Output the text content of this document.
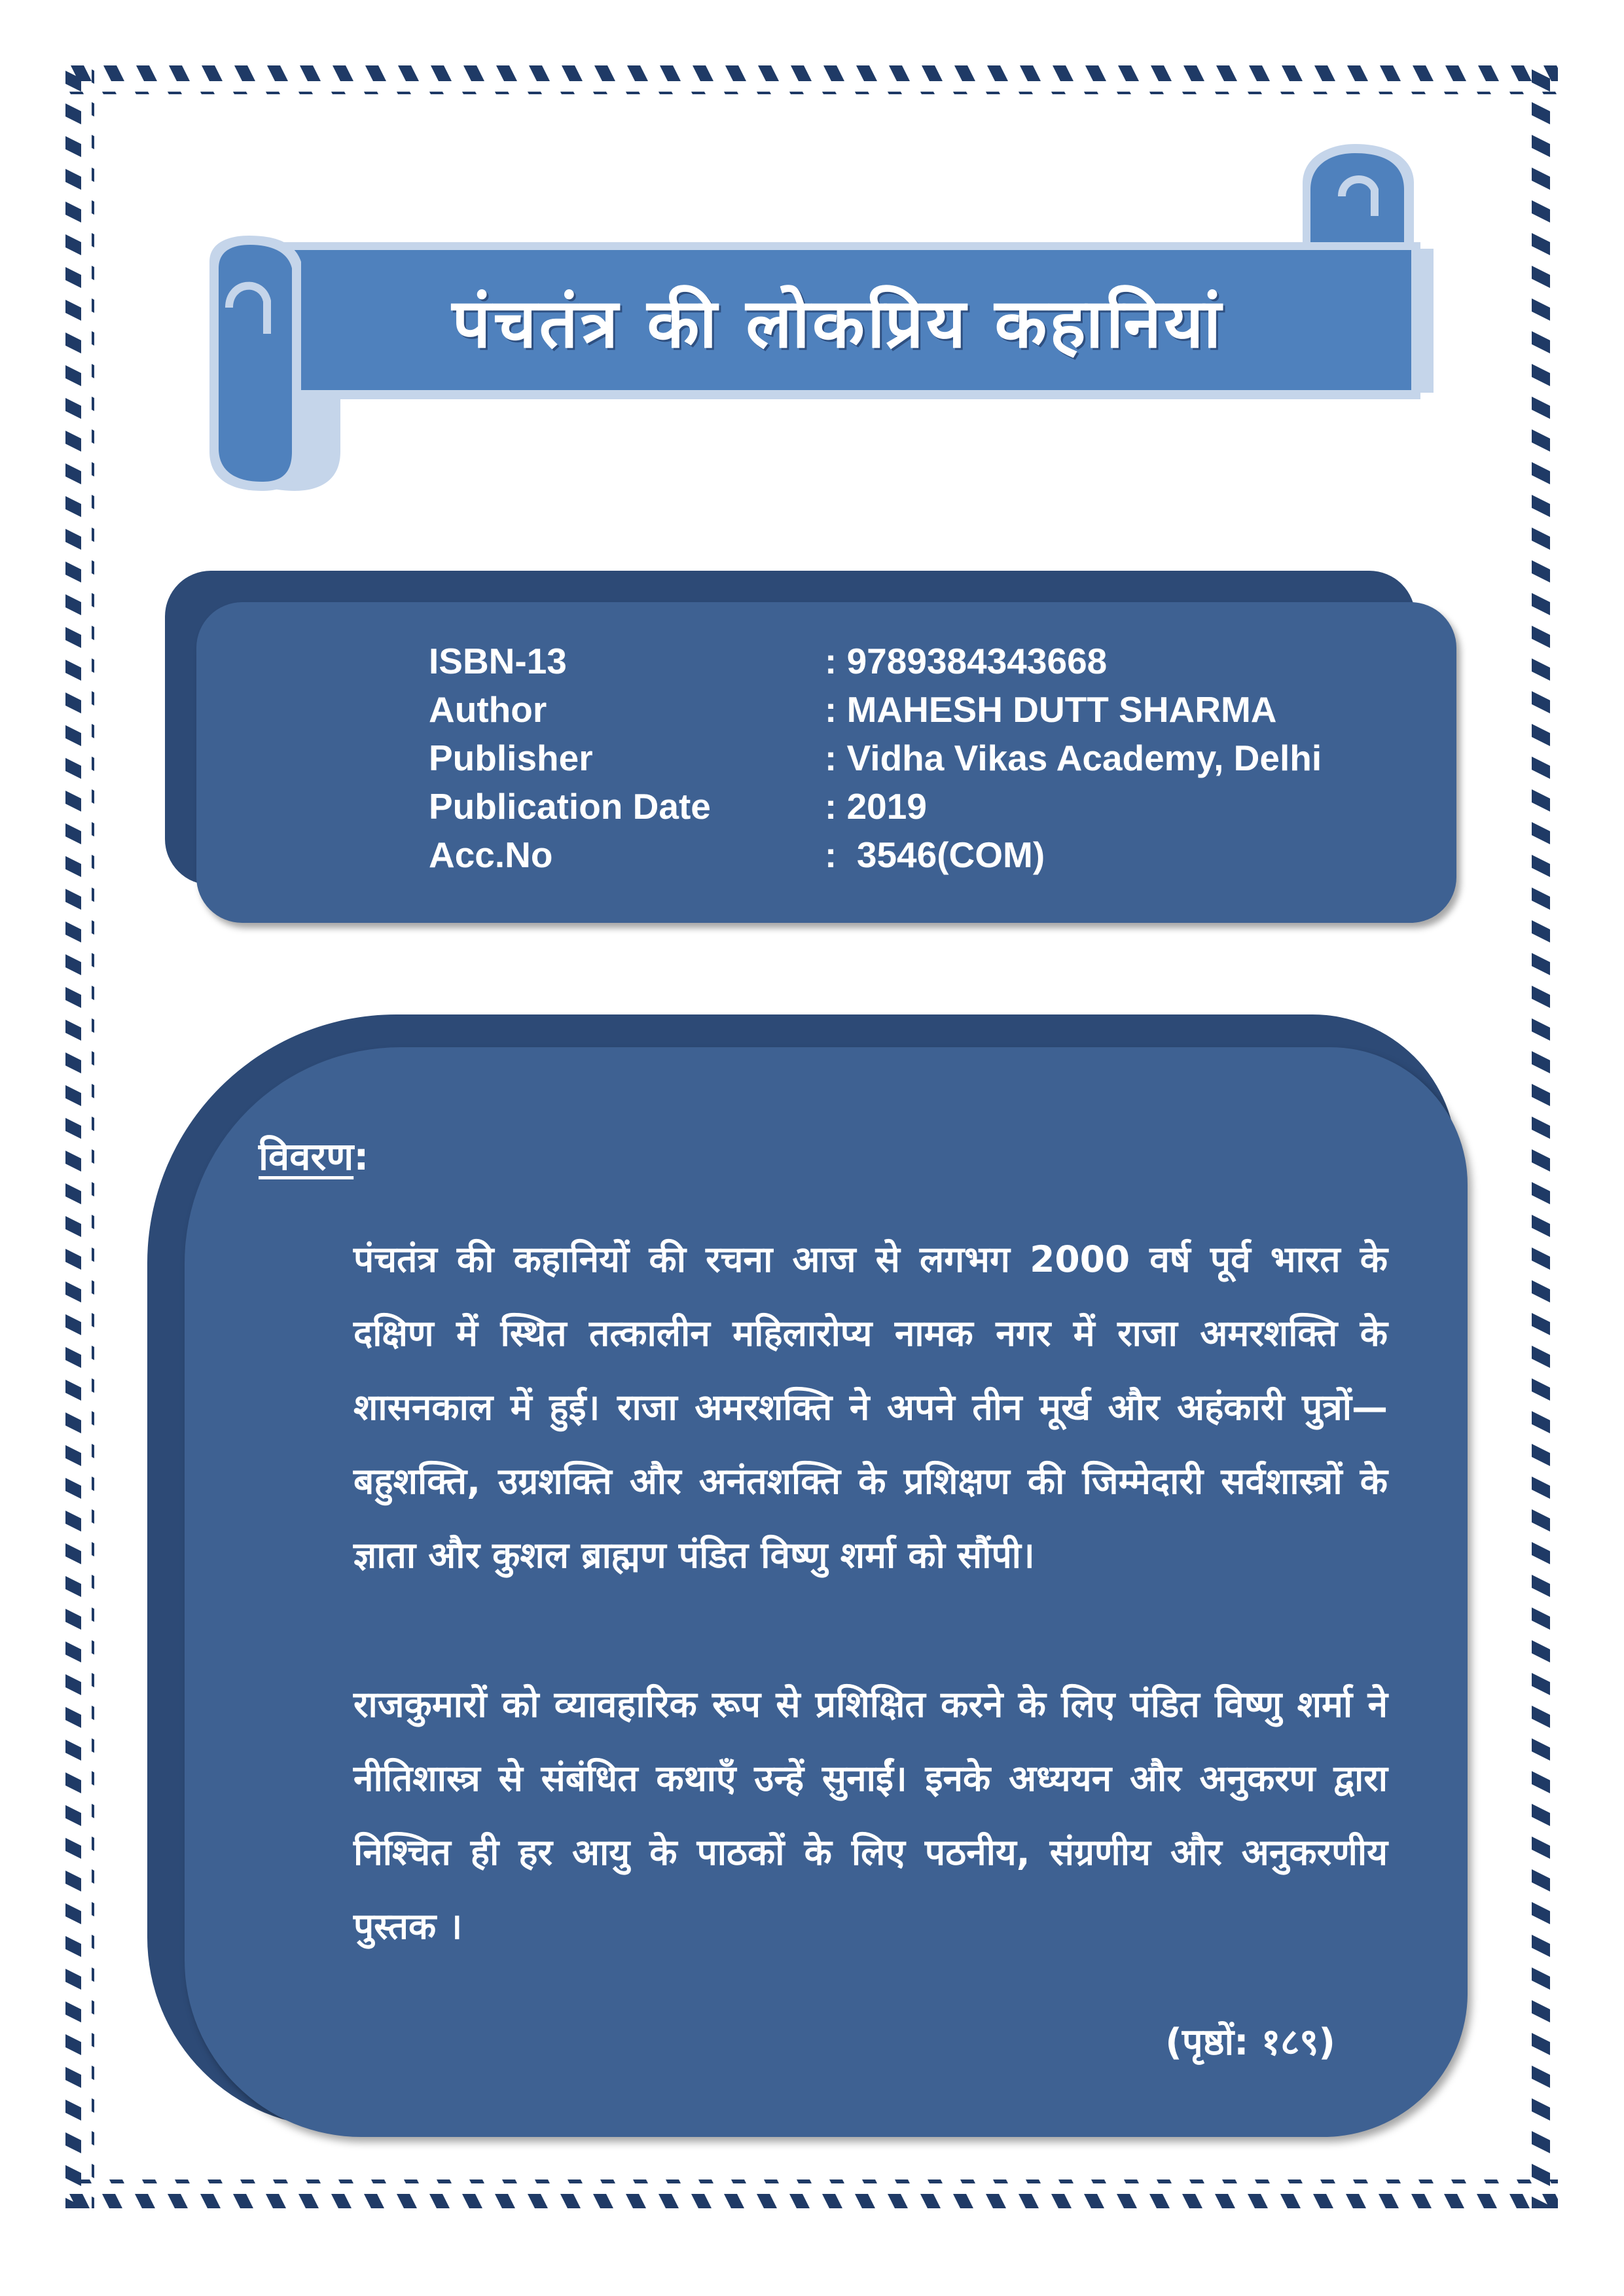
पंचतंत्र की लोकप्रिय कहानियां
ISBN-13	: 9789384343668
Author	: MAHESH DUTT SHARMA
Publisher	: Vidha Vikas Academy, Delhi
Publication Date	: 2019
Acc.No	:  3546(COM)
विवरण:
पंचतंत्र की कहानियों की रचना आज से लगभग 2000 वर्ष पूर्व भारत के दक्षिण में स्थित तत्कालीन महिलारोप्य नामक नगर में राजा अमरशक्ति के शासनकाल में हुई। राजा अमरशक्ति ने अपने तीन मूर्ख और अहंकारी पुत्रों— बहुशक्ति, उग्रशक्ति और अनंतशक्ति के प्रशिक्षण की जिम्मेदारी सर्वशास्त्रों के ज्ञाता और कुशल ब्राह्मण पंडित विष्णु शर्मा को सौंपी।
राजकुमारों को व्यावहारिक रूप से प्रशिक्षित करने के लिए पंडित विष्णु शर्मा ने नीतिशास्त्र से संबंधित कथाएँ उन्हें सुनाईं। इनके अध्ययन और अनुकरण द्वारा निश्चित ही हर आयु के पाठकों के लिए पठनीय, संग्रणीय और अनुकरणीय पुस्तक ।
(पृष्ठों: १८९)
